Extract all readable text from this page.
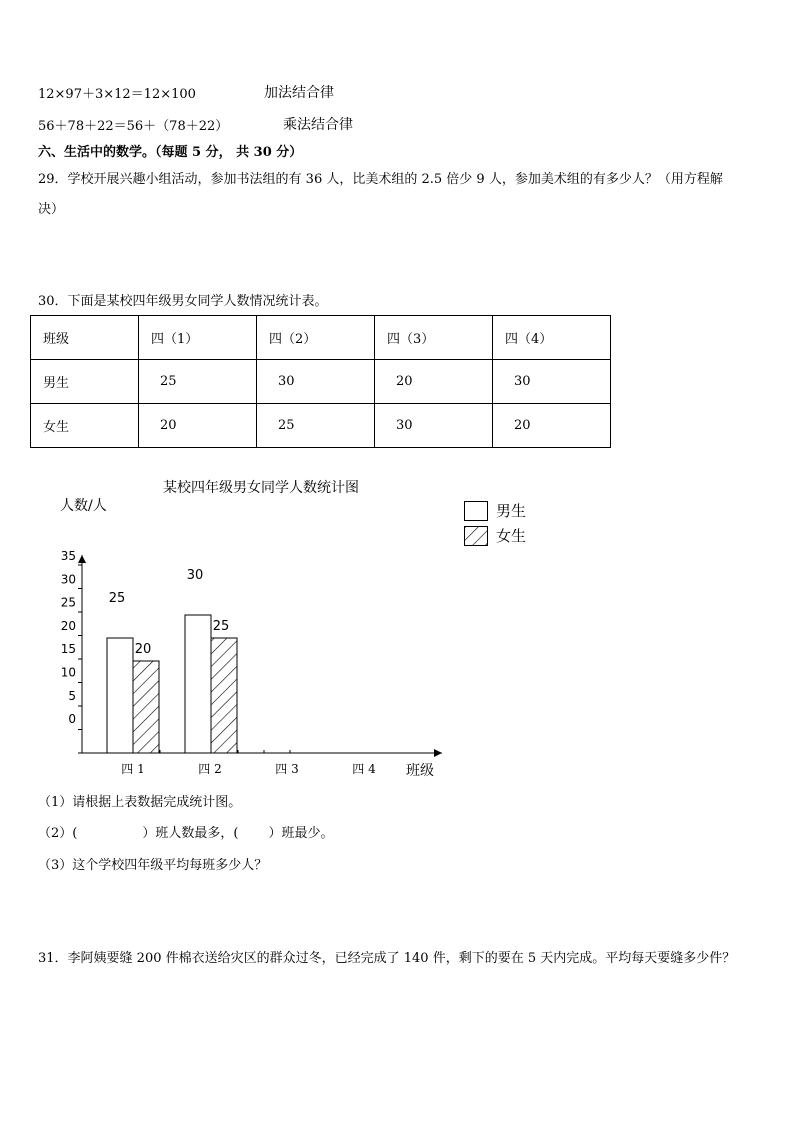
12×97＋3×12＝12×100	加法结合律
56＋78＋22＝56＋（78＋22）	乘法结合律
六、生活中的数学。（每题 5 分， 共 30 分）
29．学校开展兴趣小组活动，参加书法组的有 36 人，比美术组的 2.5 倍少 9 人，参加美术组的有多少人？（用方程解
决）
30．下面是某校四年级男女同学人数情况统计表。
班级	四（1）	四（2）	四（3）	四（4）
男生	25	30	20	30
女生	20	25	30	20
某校四年级男女同学人数统计图
人数/人
班级
35
30
25
20
15
10
5
0
四 1	四 2	四 3	四 4
25
30
20
25
男生
女生
（1）请根据上表数据完成统计图。
（2）(　　　　　）班人数最多，(　　 ）班最少。
（3）这个学校四年级平均每班多少人？
31．李阿姨要缝 200 件棉衣送给灾区的群众过冬，已经完成了 140 件，剩下的要在 5 天内完成。平均每天要缝多少件？
